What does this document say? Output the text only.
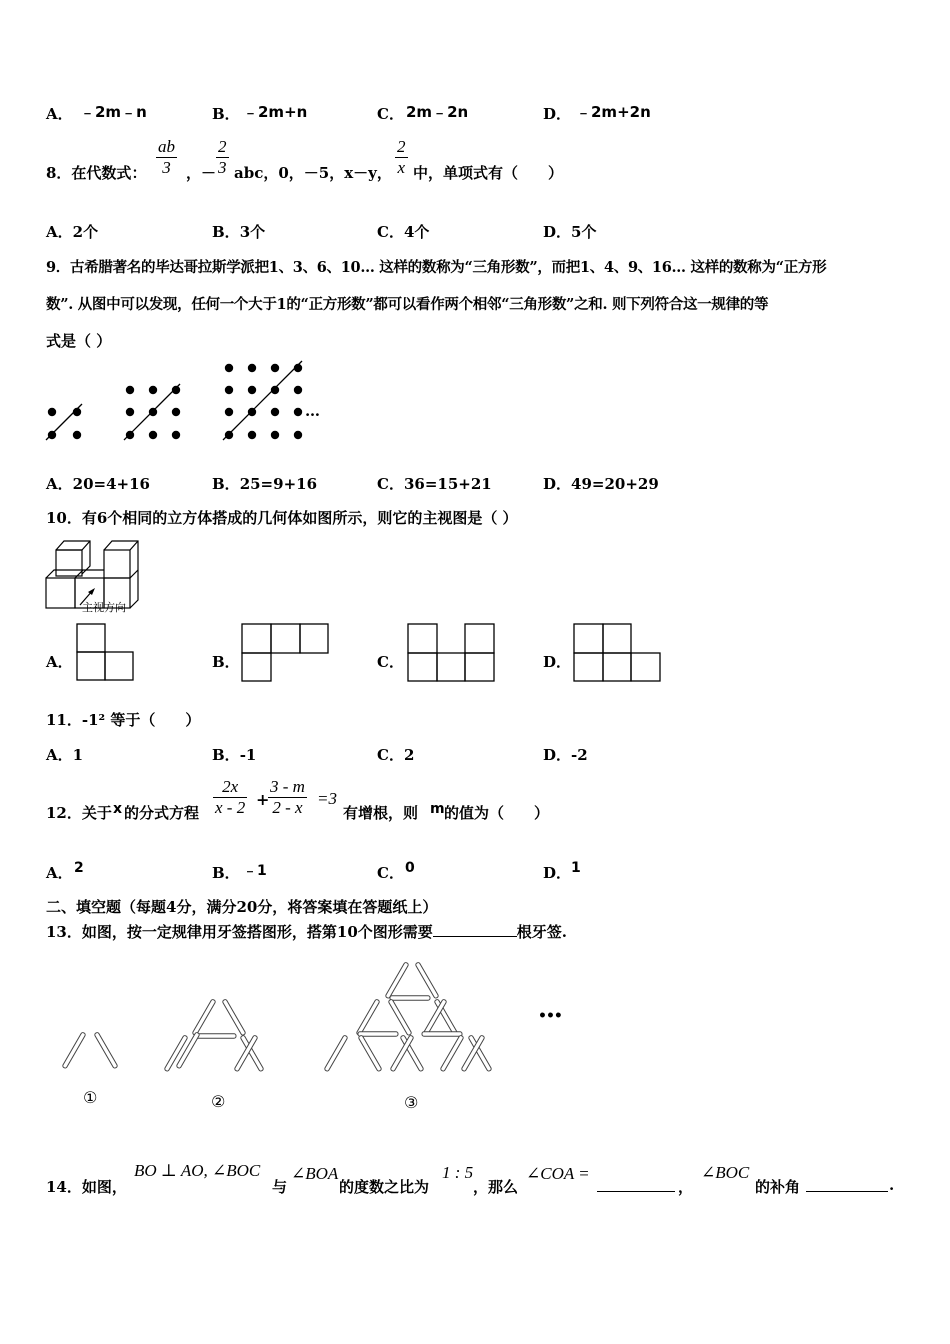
A． ﹣2m﹣n	B． ﹣2m+n	C． 2m﹣2n	D． ﹣2m+2n
8．在代数式： $\frac{ab}{3}$ ，－ $\frac{2}{3}$ abc，0，－5，x－y， $\frac{2}{x}$ 中，单项式有（　　）
A．2个	B．3个	C．4个	D．5个
9．古希腊著名的毕达哥拉斯学派把1、3、6、10… 这样的数称为“三角形数”，而把1、4、9、16… 这样的数称为“正方形
数”. 从图中可以发现，任何一个大于1的“正方形数”都可以看作两个相邻“三角形数”之和. 则下列符合这一规律的等
式是（ ）
…
A．20=4+16	B．25=9+16	C．36=15+21	D．49=20+29
10．有6个相同的立方体搭成的几何体如图所示，则它的主视图是（ ）
主视方向
A．	B．	C．	D．
11．-1² 等于（　　）
A．1	B．-1	C．2	D．-2
12．关于 x 的分式方程 $\frac{2x}{x - 2}$ +
$\frac{3 - m}{2 - x} =3$
有增根，则 m 的值为（　　）
A． 2	B． ﹣1	C． 0	D． 1
二、填空题（每题4分，满分20分，将答案填在答题纸上）
13．如图，按一定规律用牙签搭图形，搭第10个图形需要	根牙签.
①	②	③
•••
14．如图，
BO ⊥ AO, ∠BOC
与
∠BOA
的度数之比为
1 : 5
，那么
∠COA =
，
∠BOC
的补角	.
